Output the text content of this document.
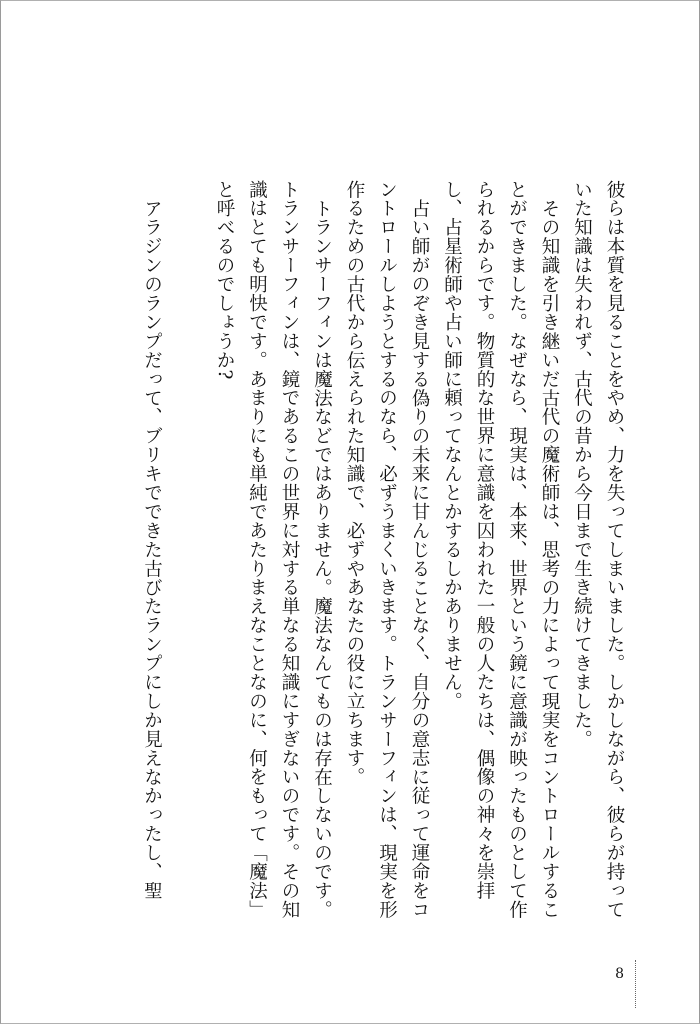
彼らは本質を見ることをやめ、力を失ってしまいました。しかしながら、彼らが持っていた知識は失われず、古代の昔から今日まで生き続けてきました。

その知識を引き継いだ古代の魔術師は、思考の力によって現実をコントロールすることができました。なぜなら、現実は、本来、世界という鏡に意識が映ったものとして作られるからです。物質的な世界に意識を囚われた一般の人たちは、偶像の神々を崇拝し、占星術師や占い師に頼ってなんとかするしかありません。

占い師がのぞき見する偽りの未来に甘んじることなく、自分の意志に従って運命をコントロールしようとするのなら、必ずうまくいきます。トランサーフィンは、現実を形作るための古代から伝えられた知識で、必ずやあなたの役に立ちます。

トランサーフィンは魔法などではありません。魔法なんてものは存在しないのです。トランサーフィンは、鏡であるこの世界に対する単なる知識にすぎないのです。その知識はとても明快です。あまりにも単純であたりまえなことなのに、何をもって「魔法」と呼べるのでしょうか?

アラジンのランプだって、ブリキでできた古びたランプにしか見えなかったし、聖

8
